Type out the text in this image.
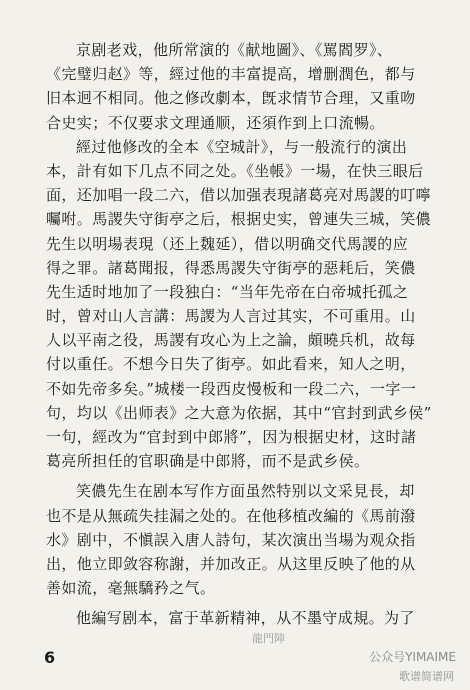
京剧老戏，他所常演的《献地圖》、《罵閻罗》、
《完璧归赵》等，經过他的丰富提高，增删潤色，都与
旧本迥不相同。他之修改劇本，旣求情节合理，又重吻
合史实；不仅要求文理通顺，还須作到上口流暢。
經过他修改的全本《空城計》，与一般流行的演出
本，計有如下几点不同之处。《坐帳》一場，在快三眼后
面，还加唱一段二六，借以加强表現諸葛亮对馬謖的叮嚀
囑咐。馬謖失守街亭之后，根据史实，曾連失三城，笑儂
先生以明場表現（还上魏延），借以明确交代馬謖的应
得之罪。諸葛聞报，得悉馬謖失守街亭的惡耗后，笑儂
先生适时地加了一段独白：“当年先帝在白帝城托孤之
时，曾对山人言講：馬謖为人言过其实，不可重用。山
人以平南之役，馬謖有攻心为上之論，頗曉兵机，故每
付以重任。不想今日失了街亭。如此看来，知人之明，
不如先帝多矣。”城楼一段西皮慢板和一段二六，一字一
句，均以《出师表》之大意为依据，其中“官封到武乡侯”
一句，經改为“官封到中郎將”，因为根据史材，这时諸
葛亮所担任的官职确是中郎將，而不是武乡侯。
笑儂先生在剧本写作方面虽然特别以文采見長，却
也不是从無疏失挂漏之处的。在他移植改編的《馬前潑
水》剧中，不愼誤入唐人詩句，某次演出当場为观众指
出，他立即敛容称謝，并加改正。从这里反映了他的从
善如流，毫無驕矜之气。
他編写剧本，富于革新精神，从不墨守成規。为了
6
龍門陣
公众号YIMAIME
歌谱简谱网
